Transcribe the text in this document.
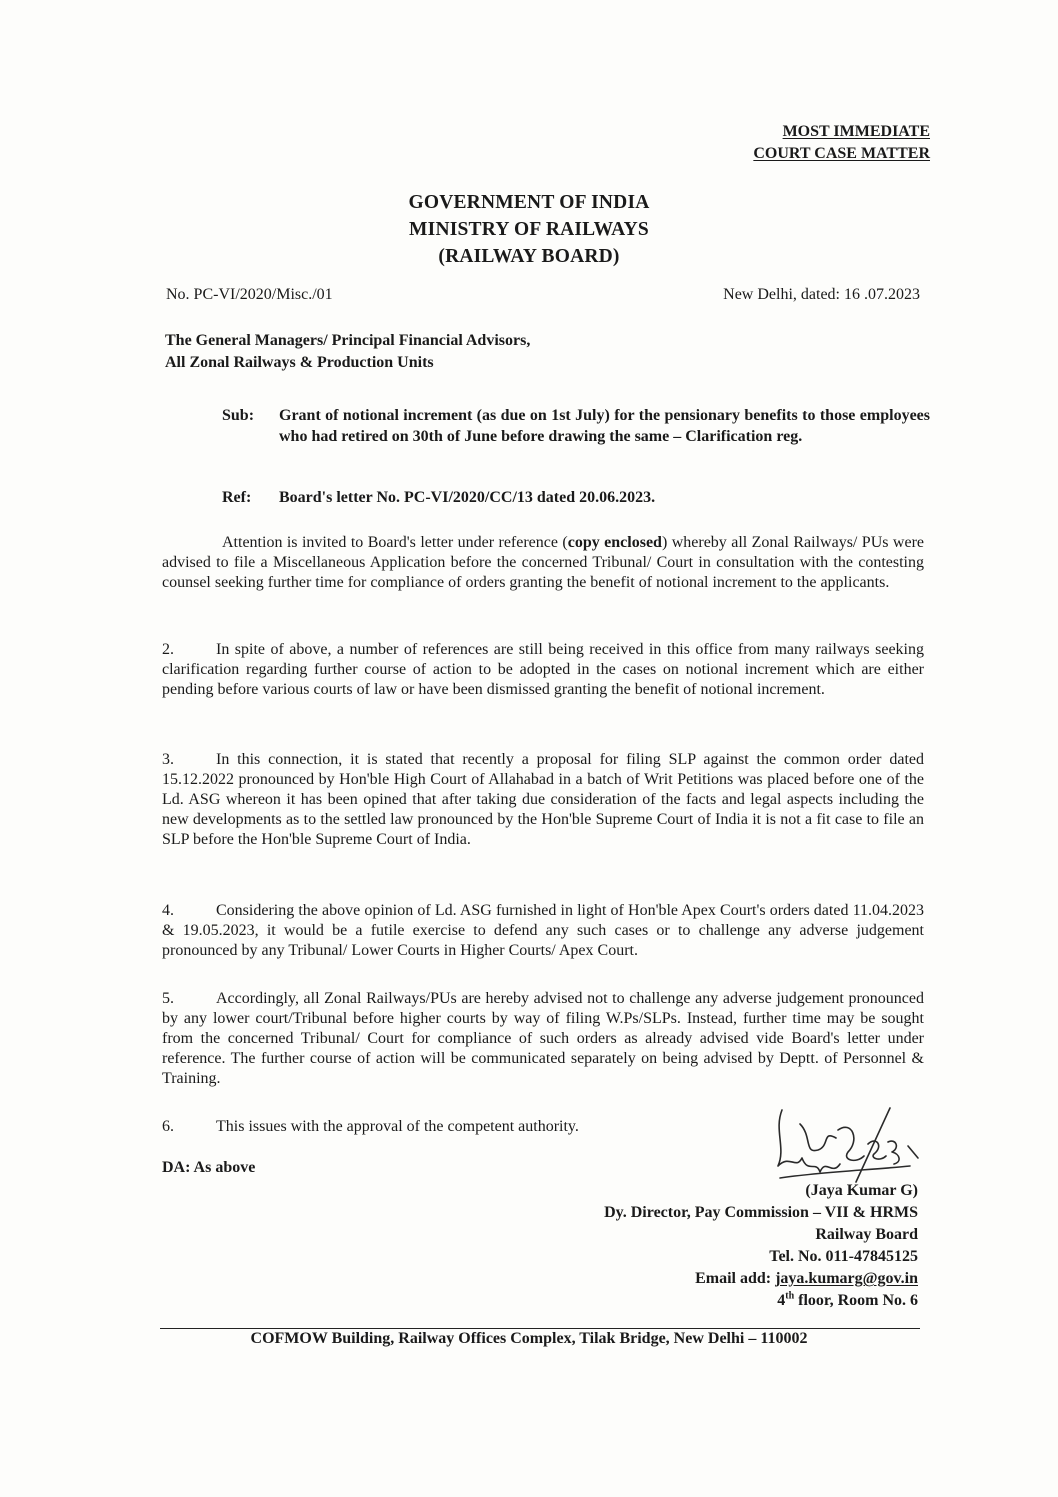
MOST IMMEDIATE
COURT CASE MATTER
GOVERNMENT OF INDIA
MINISTRY OF RAILWAYS
(RAILWAY BOARD)
No. PC-VI/2020/Misc./01	New Delhi, dated: 16 .07.2023
The General Managers/ Principal Financial Advisors,
All Zonal Railways & Production Units
Sub: Grant of notional increment (as due on 1st July) for the pensionary benefits to those employees who had retired on 30th of June before drawing the same – Clarification reg.
Ref: Board's letter No. PC-VI/2020/CC/13 dated 20.06.2023.
Attention is invited to Board's letter under reference (copy enclosed) whereby all Zonal Railways/ PUs were advised to file a Miscellaneous Application before the concerned Tribunal/ Court in consultation with the contesting counsel seeking further time for compliance of orders granting the benefit of notional increment to the applicants.
2.	In spite of above, a number of references are still being received in this office from many railways seeking clarification regarding further course of action to be adopted in the cases on notional increment which are either pending before various courts of law or have been dismissed granting the benefit of notional increment.
3.	In this connection, it is stated that recently a proposal for filing SLP against the common order dated 15.12.2022 pronounced by Hon'ble High Court of Allahabad in a batch of Writ Petitions was placed before one of the Ld. ASG whereon it has been opined that after taking due consideration of the facts and legal aspects including the new developments as to the settled law pronounced by the Hon'ble Supreme Court of India it is not a fit case to file an SLP before the Hon'ble Supreme Court of India.
4.	Considering the above opinion of Ld. ASG furnished in light of Hon'ble Apex Court's orders dated 11.04.2023 & 19.05.2023, it would be a futile exercise to defend any such cases or to challenge any adverse judgement pronounced by any Tribunal/ Lower Courts in Higher Courts/ Apex Court.
5.	Accordingly, all Zonal Railways/PUs are hereby advised not to challenge any adverse judgement pronounced by any lower court/Tribunal before higher courts by way of filing W.Ps/SLPs. Instead, further time may be sought from the concerned Tribunal/ Court for compliance of such orders as already advised vide Board's letter under reference. The further course of action will be communicated separately on being advised by Deptt. of Personnel & Training.
6.	This issues with the approval of the competent authority.
DA: As above
(Jaya Kumar G)
Dy. Director, Pay Commission – VII & HRMS
Railway Board
Tel. No. 011-47845125
Email add: jaya.kumarg@gov.in
4th floor, Room No. 6
COFMOW Building, Railway Offices Complex, Tilak Bridge, New Delhi – 110002
